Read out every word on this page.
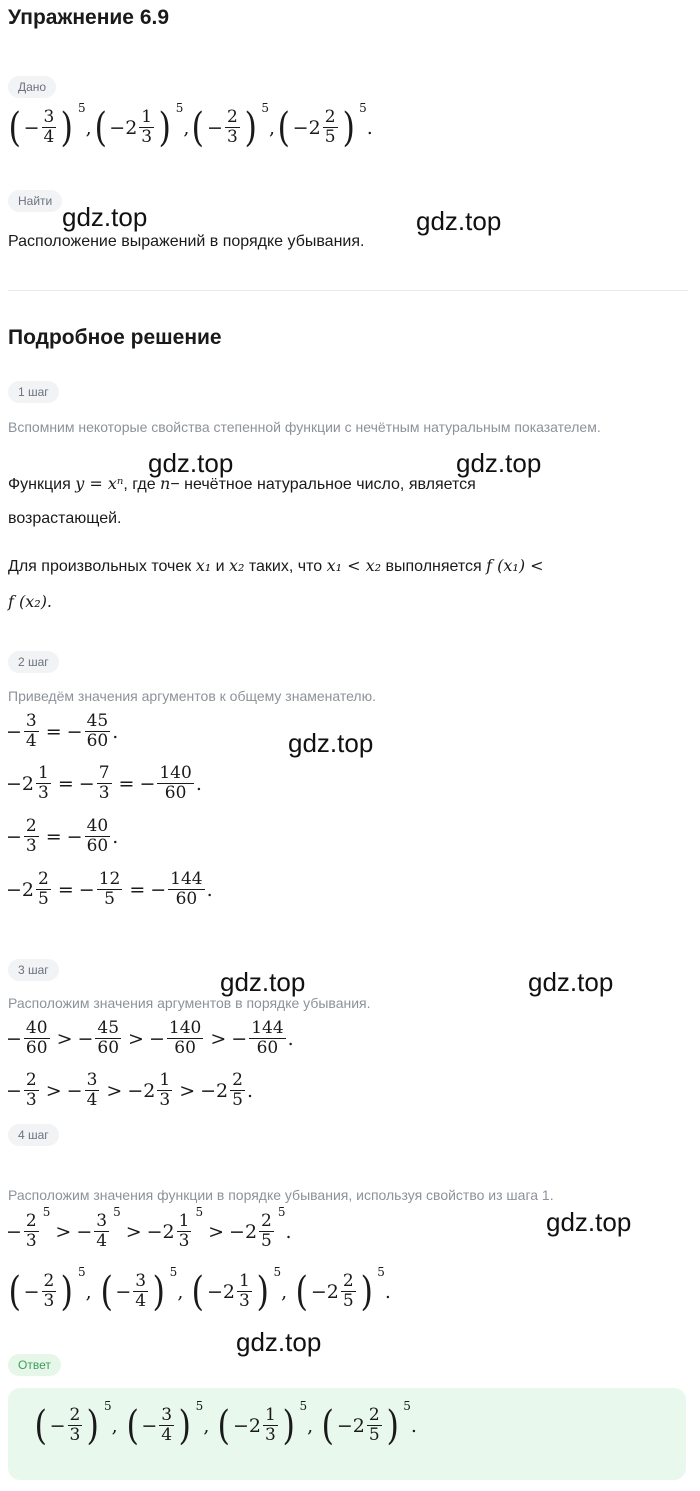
Упражнение 6.9
Дано
( − $\frac{3}{4}$ ) $^5$
, ( − $2 \frac{1}{3}$ ) $^5$
, ( − $\frac{2}{3}$ ) $^5$
, ( − $2 \frac{2}{5}$ ) $^5$
.
Найти
Расположение выражений в порядке убывания.
Подробное решение
1 шаг
Вспомним некоторые свойства степенной функции с нечётным натуральным показателем.
Функция y = xⁿ, где n− нечётное натуральное число, является
возрастающей.
Для произвольных точек x₁ и x₂ таких, что x₁ < x₂ выполняется f (x₁) <
f (x₂).
2 шаг
Приведём значения аргументов к общему знаменателю.
− $\frac{3}{4}$ = − $\frac{45}{60}$ .
$-2 \frac{1}{3}$ = − $\frac{7}{3}$ = − $\frac{140}{60}$ .
− $\frac{2}{3}$ = − $\frac{40}{60}$ .
$-2 \frac{2}{5}$ = − $\frac{12}{5}$ = − $\frac{144}{60}$ .
3 шаг
Расположим значения аргументов в порядке убывания.
− $\frac{40}{60}$ > − $\frac{45}{60}$ > − $\frac{140}{60}$ > − $\frac{144}{60}$ .
− $\frac{2}{3}$ > − $\frac{3}{4} > -2 \frac{1}{3} > -2 \frac{2}{5}$ .
4 шаг
Расположим значения функции в порядке убывания, используя свойство из шага 1.
− $\frac{2}{3}$
$^5$
> − $\frac{3}{4}$
$^5$
> $-2 \frac{1}{3}$
$^5$
> $-2 \frac{2}{5}$
$^5$
.
( − $\frac{2}{3}$ ) $^5$
, ( − $\frac{3}{4}$ ) $^5$
, ( $-2 \frac{1}{3}$ ) $^5$
, ( $-2 \frac{2}{5}$ ) $^5$
.
Ответ
( − $\frac{2}{3}$ ) $^5$
, ( − $\frac{3}{4}$ ) $^5$
, ( $-2 \frac{1}{3}$ ) $^5$
, ( $-2 \frac{2}{5}$ ) $^5$
.
gdz.top	gdz.top
gdz.top	gdz.top
gdz.top
gdz.top	gdz.top
gdz.top
gdz.top
